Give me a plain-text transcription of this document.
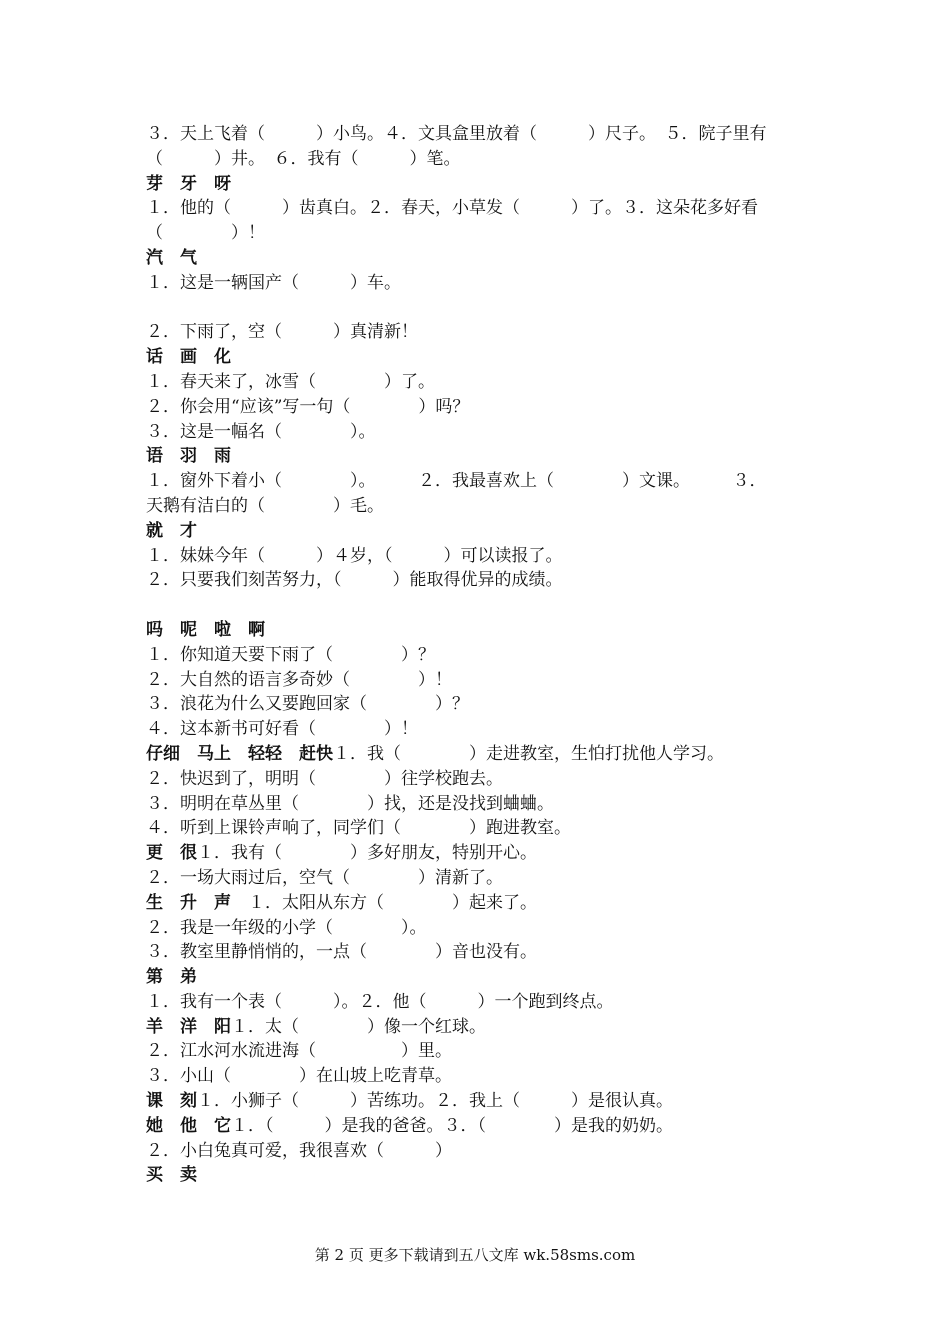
３．天上飞着（　　　）小鸟。４．文具盒里放着（　　　）尺子。　５．院子里有
（　　　）井。　６．我有（　　　）笔。
芽　牙　呀
１．他的（　　　）齿真白。２．春天，小草发（　　　）了。３．这朵花多好看
（　　　　）！
汽　气
１．这是一辆国产（　　　）车。
２．下雨了，空（　　　）真清新！
话　画　化
１．春天来了，冰雪（　　　　）了。
２．你会用“应该”写一句（　　　　）吗？
３．这是一幅名（　　　　）。
语　羽　雨
１．窗外下着小（　　　　）。　　　２．我最喜欢上（　　　　）文课。　　　３．
天鹅有洁白的（　　　　）毛。
就　才
１．妹妹今年（　　　）４岁，（　　　）可以读报了。
２．只要我们刻苦努力，（　　　）能取得优异的成绩。
吗　呢　啦　啊
１．你知道天要下雨了（　　　　）？
２．大自然的语言多奇妙（　　　　）！
３．浪花为什么又要跑回家（　　　　）？
４．这本新书可好看（　　　　）！
仔细　马上　轻轻　赶快１．我（　　　　）走进教室，生怕打扰他人学习。
２．快迟到了，明明（　　　　）往学校跑去。
３．明明在草丛里（　　　　）找，还是没找到蛐蛐。
４．听到上课铃声响了，同学们（　　　　）跑进教室。
更　很１．我有（　　　　）多好朋友，特别开心。
２．一场大雨过后，空气（　　　　）清新了。
生　升　声　１．太阳从东方（　　　　）起来了。
２．我是一年级的小学（　　　　）。
３．教室里静悄悄的，一点（　　　　）音也没有。
第　弟
１．我有一个表（　　　）。２．他（　　　）一个跑到终点。
羊　洋　阳１．太（　　　　）像一个红球。
２．江水河水流进海（　　　　　）里。
３．小山（　　　　）在山坡上吃青草。
课　刻１．小狮子（　　　）苦练功。２．我上（　　　）是很认真。
她　他　它１．（　　　）是我的爸爸。３．（　　　　）是我的奶奶。
２．小白兔真可爱，我很喜欢（　　　）
买　卖
第 2 页 更多下载请到五八文库 wk.58sms.com
